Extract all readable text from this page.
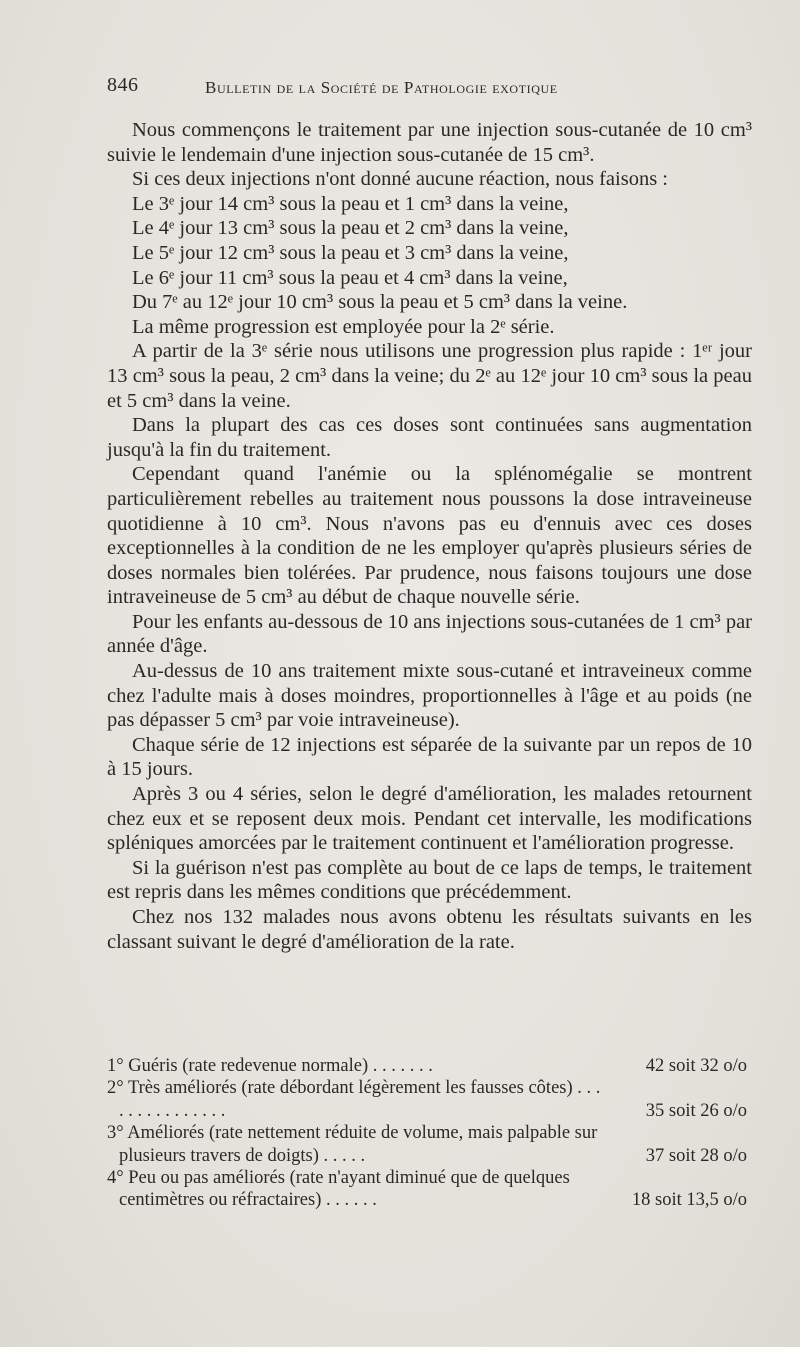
846	Bulletin de la Société de Pathologie exotique

Nous commençons le traitement par une injection sous-cutanée de 10 cm³ suivie le lendemain d'une injection sous-cutanée de 15 cm³.

Si ces deux injections n'ont donné aucune réaction, nous faisons :

Le 3ᵉ jour 14 cm³ sous la peau et 1 cm³ dans la veine,

Le 4ᵉ jour 13 cm³ sous la peau et 2 cm³ dans la veine,

Le 5ᵉ jour 12 cm³ sous la peau et 3 cm³ dans la veine,

Le 6ᵉ jour 11 cm³ sous la peau et 4 cm³ dans la veine,

Du 7ᵉ au 12ᵉ jour 10 cm³ sous la peau et 5 cm³ dans la veine.

La même progression est employée pour la 2ᵉ série.

A partir de la 3ᵉ série nous utilisons une progression plus rapide : 1ᵉʳ jour 13 cm³ sous la peau, 2 cm³ dans la veine; du 2ᵉ au 12ᵉ jour 10 cm³ sous la peau et 5 cm³ dans la veine.

Dans la plupart des cas ces doses sont continuées sans augmentation jusqu'à la fin du traitement.

Cependant quand l'anémie ou la splénomégalie se montrent particulièrement rebelles au traitement nous poussons la dose intraveineuse quotidienne à 10 cm³. Nous n'avons pas eu d'ennuis avec ces doses exceptionnelles à la condition de ne les employer qu'après plusieurs séries de doses normales bien tolérées. Par prudence, nous faisons toujours une dose intraveineuse de 5 cm³ au début de chaque nouvelle série.

Pour les enfants au-dessous de 10 ans injections sous-cutanées de 1 cm³ par année d'âge.

Au-dessus de 10 ans traitement mixte sous-cutané et intraveineux comme chez l'adulte mais à doses moindres, proportionnelles à l'âge et au poids (ne pas dépasser 5 cm³ par voie intraveineuse).

Chaque série de 12 injections est séparée de la suivante par un repos de 10 à 15 jours.

Après 3 ou 4 séries, selon le degré d'amélioration, les malades retournent chez eux et se reposent deux mois. Pendant cet intervalle, les modifications spléniques amorcées par le traitement continuent et l'amélioration progresse.

Si la guérison n'est pas complète au bout de ce laps de temps, le traitement est repris dans les mêmes conditions que précédemment.

Chez nos 132 malades nous avons obtenu les résultats suivants en les classant suivant le degré d'amélioration de la rate.

1° Guéris (rate redevenue normale) . . . . . . .	42 soit 32 o/o
2° Très améliorés (rate débordant légèrement les fausses côtes) . . . . . . . . . . . . . . .	35 soit 26 o/o
3° Améliorés (rate nettement réduite de volume, mais palpable sur plusieurs travers de doigts) . . . . .	37 soit 28 o/o
4° Peu ou pas améliorés (rate n'ayant diminué que de quelques centimètres ou réfractaires) . . . . . .	18 soit 13,5 o/o
